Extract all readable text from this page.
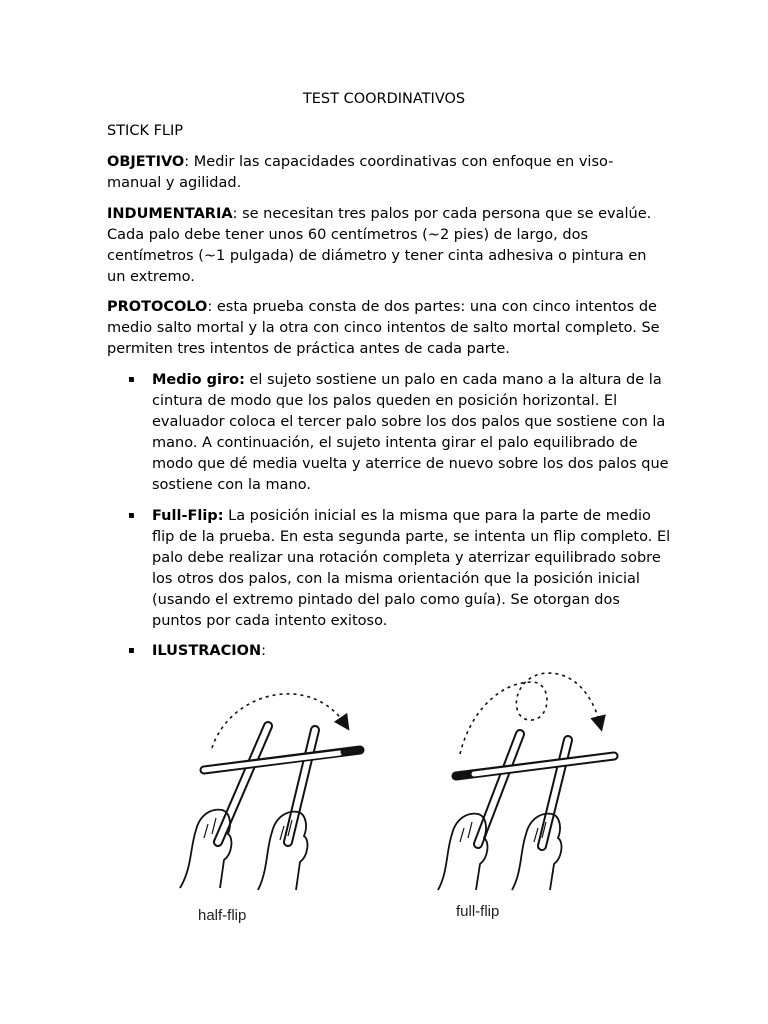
TEST COORDINATIVOS
STICK FLIP
OBJETIVO: Medir las capacidades coordinativas con enfoque en viso-manual y agilidad.
INDUMENTARIA: se necesitan tres palos por cada persona que se evalúe. Cada palo debe tener unos 60 centímetros (~2 pies) de largo, dos centímetros (~1 pulgada) de diámetro y tener cinta adhesiva o pintura en un extremo.
PROTOCOLO: esta prueba consta de dos partes: una con cinco intentos de medio salto mortal y la otra con cinco intentos de salto mortal completo. Se permiten tres intentos de práctica antes de cada parte.
▪ Medio giro: el sujeto sostiene un palo en cada mano a la altura de la cintura de modo que los palos queden en posición horizontal. El evaluador coloca el tercer palo sobre los dos palos que sostiene con la mano. A continuación, el sujeto intenta girar el palo equilibrado de modo que dé media vuelta y aterrice de nuevo sobre los dos palos que sostiene con la mano.
▪ Full-Flip: La posición inicial es la misma que para la parte de medio flip de la prueba. En esta segunda parte, se intenta un flip completo. El palo debe realizar una rotación completa y aterrizar equilibrado sobre los otros dos palos, con la misma orientación que la posición inicial (usando el extremo pintado del palo como guía). Se otorgan dos puntos por cada intento exitoso.
▪ ILUSTRACION:
half-flip	full-flip
